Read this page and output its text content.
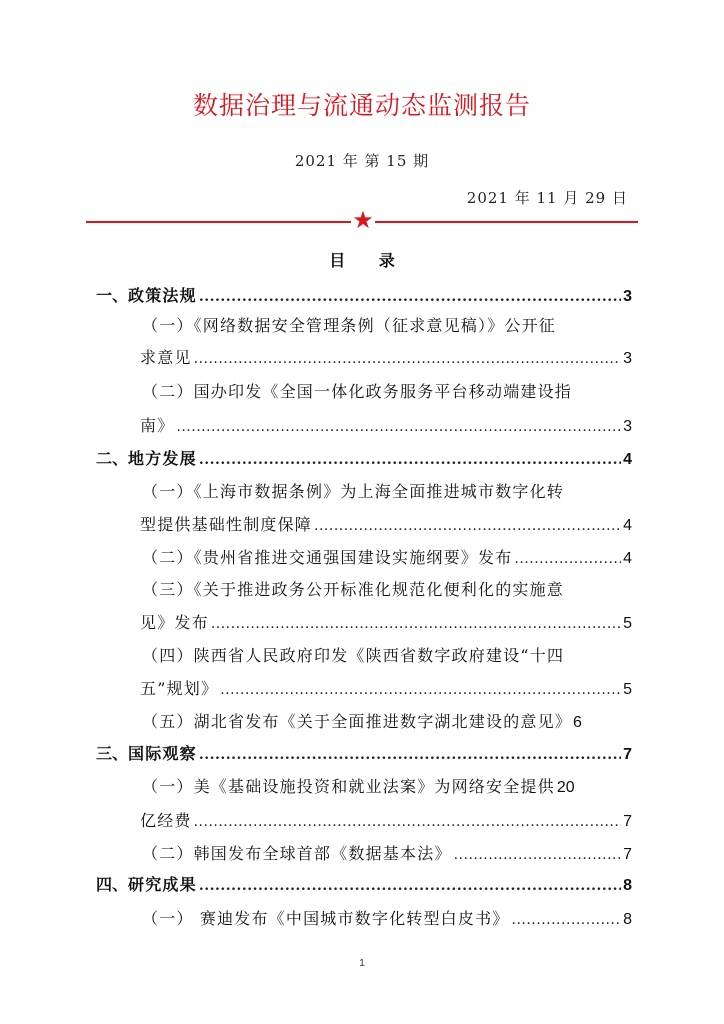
数据治理与流通动态监测报告
2021 年 第 15 期
2021 年 11 月 29 日
★
目 录
一、 政策法规 .....	3
（一）《网络数据安全管理条例（征求意见稿）》公开征
求意见 .....	3
（二）国办印发《全国一体化政务服务平台移动端建设指
南》 .....	3
二、 地方发展 .....	4
（一）《上海市数据条例》为上海全面推进城市数字化转
型提供基础性制度保障 .....	4
（二）《贵州省推进交通强国建设实施纲要》发布 .....	4
（三）《关于推进政务公开标准化规范化便利化的实施意
见》发布 .....	5
（四）陕西省人民政府印发《陕西省数字政府建设“十四
五”规划》 .....	5
（五）湖北省发布《关于全面推进数字湖北建设的意见》 6
三、 国际观察 .....	7
（一）美《基础设施投资和就业法案》为网络安全提供 20
亿经费 .....	7
（二）韩国发布全球首部《数据基本法》 .....	7
四、 研究成果 .....	8
（一） 赛迪发布《中国城市数字化转型白皮书》 .....	8
1
